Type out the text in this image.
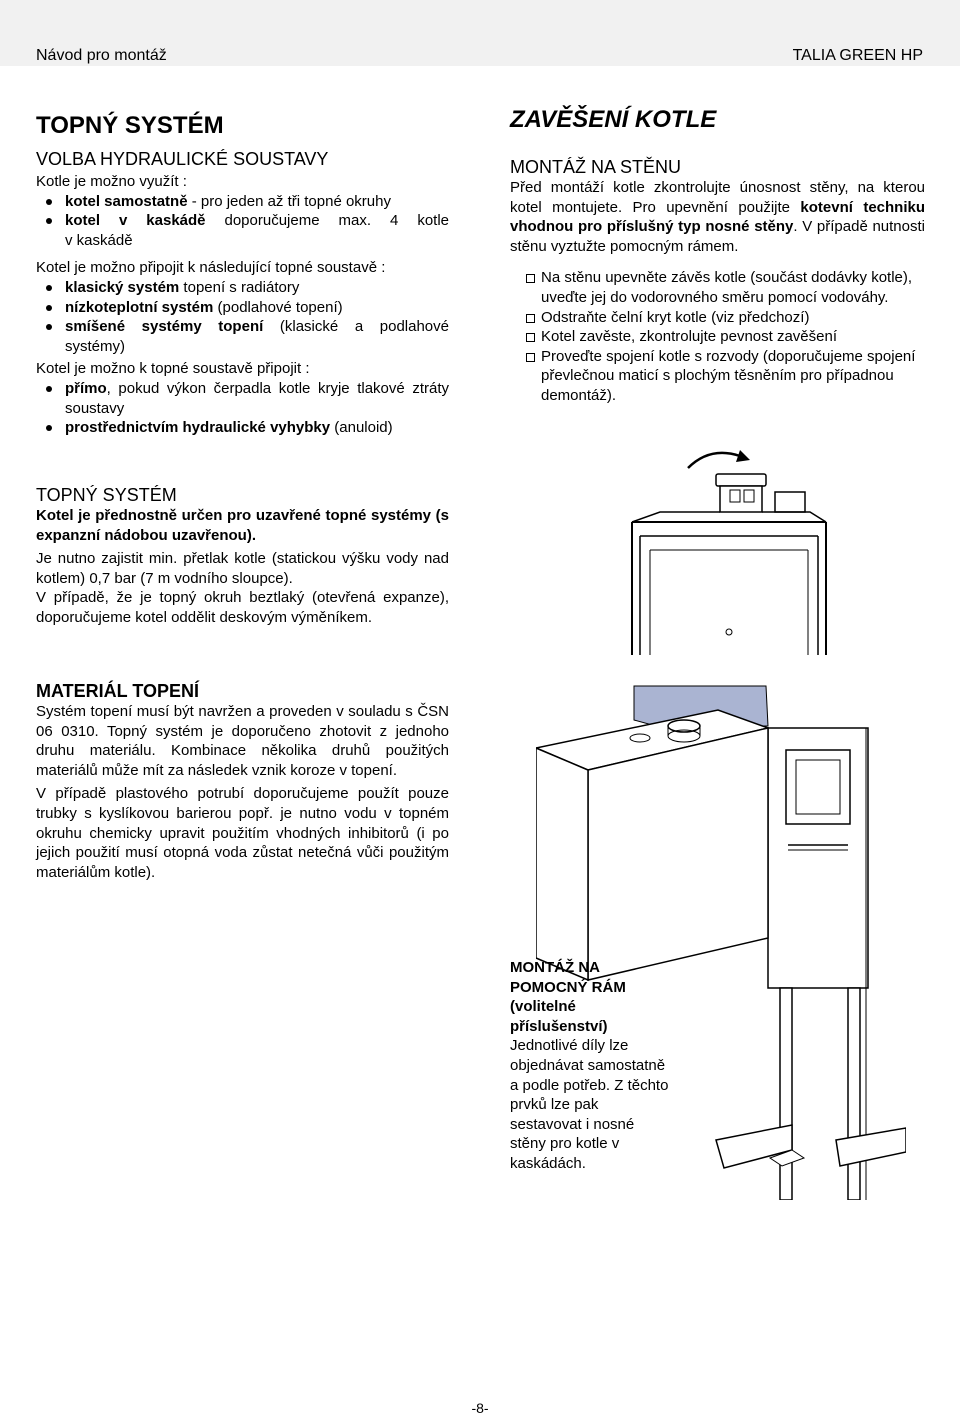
Návod pro montáž	TALIA GREEN HP
TOPNÝ SYSTÉM
VOLBA HYDRAULICKÉ SOUSTAVY

Kotle je možno využít :

kotel samostatně - pro jeden až tři topné okruhy
kotel v kaskádě doporučujeme max. 4 kotle
v kaskádě

Kotel je možno připojit k následující topné soustavě :

klasický systém topení s radiátory
nízkoteplotní systém (podlahové topení)
smíšené systémy topení (klasické a podlahové systémy)

Kotel je možno k topné soustavě připojit :

přímo, pokud výkon čerpadla kotle kryje tlakové ztráty soustavy
prostřednictvím hydraulické vyhybky (anuloid)
TOPNÝ SYSTÉM

Kotel je přednostně určen pro uzavřené topné systémy (s expanzní nádobou uzavřenou).

Je nutno zajistit min. přetlak kotle (statickou výšku vody nad kotlem) 0,7 bar (7 m vodního sloupce).

V případě, že je topný okruh beztlaký (otevřená expanze), doporučujeme kotel oddělit deskovým výměníkem.

MATERIÁL TOPENÍ

Systém topení musí být navržen a proveden v souladu s ČSN 06 0310. Topný systém je doporučeno zhotovit z jednoho druhu materiálu. Kombinace několika druhů použitých materiálů může mít za následek vznik koroze v topení.

V případě plastového potrubí doporučujeme použít pouze trubky s kyslíkovou barierou popř. je nutno vodu v topném okruhu chemicky upravit použitím vhodných inhibitorů (i po jejich použití musí otopná voda zůstat netečná vůči použitým materiálům kotle).

ZAVĚŠENÍ KOTLE
MONTÁŽ NA STĚNU

Před montáží kotle zkontrolujte únosnost stěny, na kterou kotel montujete. Pro upevnění použijte kotevní techniku vhodnou pro příslušný typ nosné stěny. V případě nutnosti stěnu vyztužte pomocným rámem.

Na stěnu upevněte závěs kotle (součást dodávky kotle), uveďte jej do vodorovného směru pomocí vodováhy.
Odstraňte čelní kryt kotle (viz předchozí)
Kotel zavěste, zkontrolujte pevnost zavěšení
Proveďte spojení kotle s rozvody (doporučujeme spojení převlečnou maticí s plochým těsněním pro případnou demontáž).

MONTÁŽ NA POMOCNÝ RÁM (volitelné příslušenství)

Jednotlivé díly lze objednávat samostatně a podle potřeb. Z těchto prvků lze pak sestavovat i nosné stěny pro kotle v kaskádách.

-8-
